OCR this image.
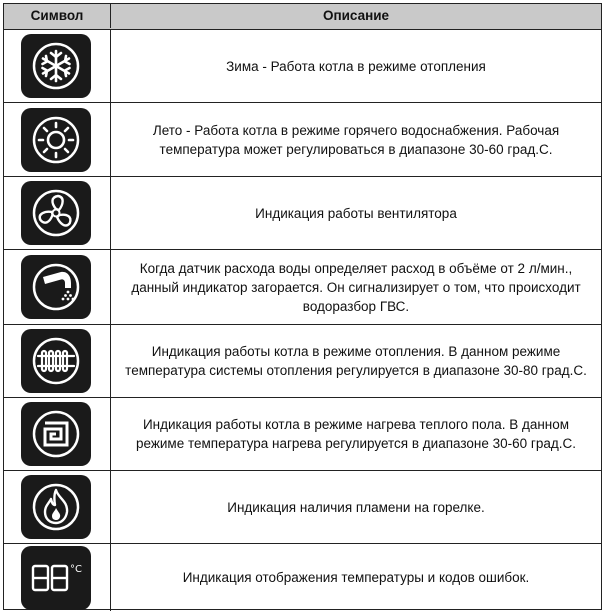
Символ	Описание
Зима - Работа котла в режиме отопления
Лето - Работа котла в режиме горячего водоснабжения. Рабочая температура может регулироваться в диапазоне 30-60 град.С.
Индикация работы вентилятора
Когда датчик расхода воды определяет расход в объёме от 2 л/мин., данный индикатор загорается. Он сигнализирует о том, что происходит водоразбор ГВС.
Индикация работы котла в режиме отопления. В данном режиме температура системы отопления регулируется в диапазоне 30-80 град.С.
Индикация работы котла в режиме нагрева теплого пола. В данном режиме температура нагрева регулируется в диапазоне 30-60 град.С.
Индикация наличия пламени на горелке.
°C
Индикация отображения температуры и кодов ошибок.
